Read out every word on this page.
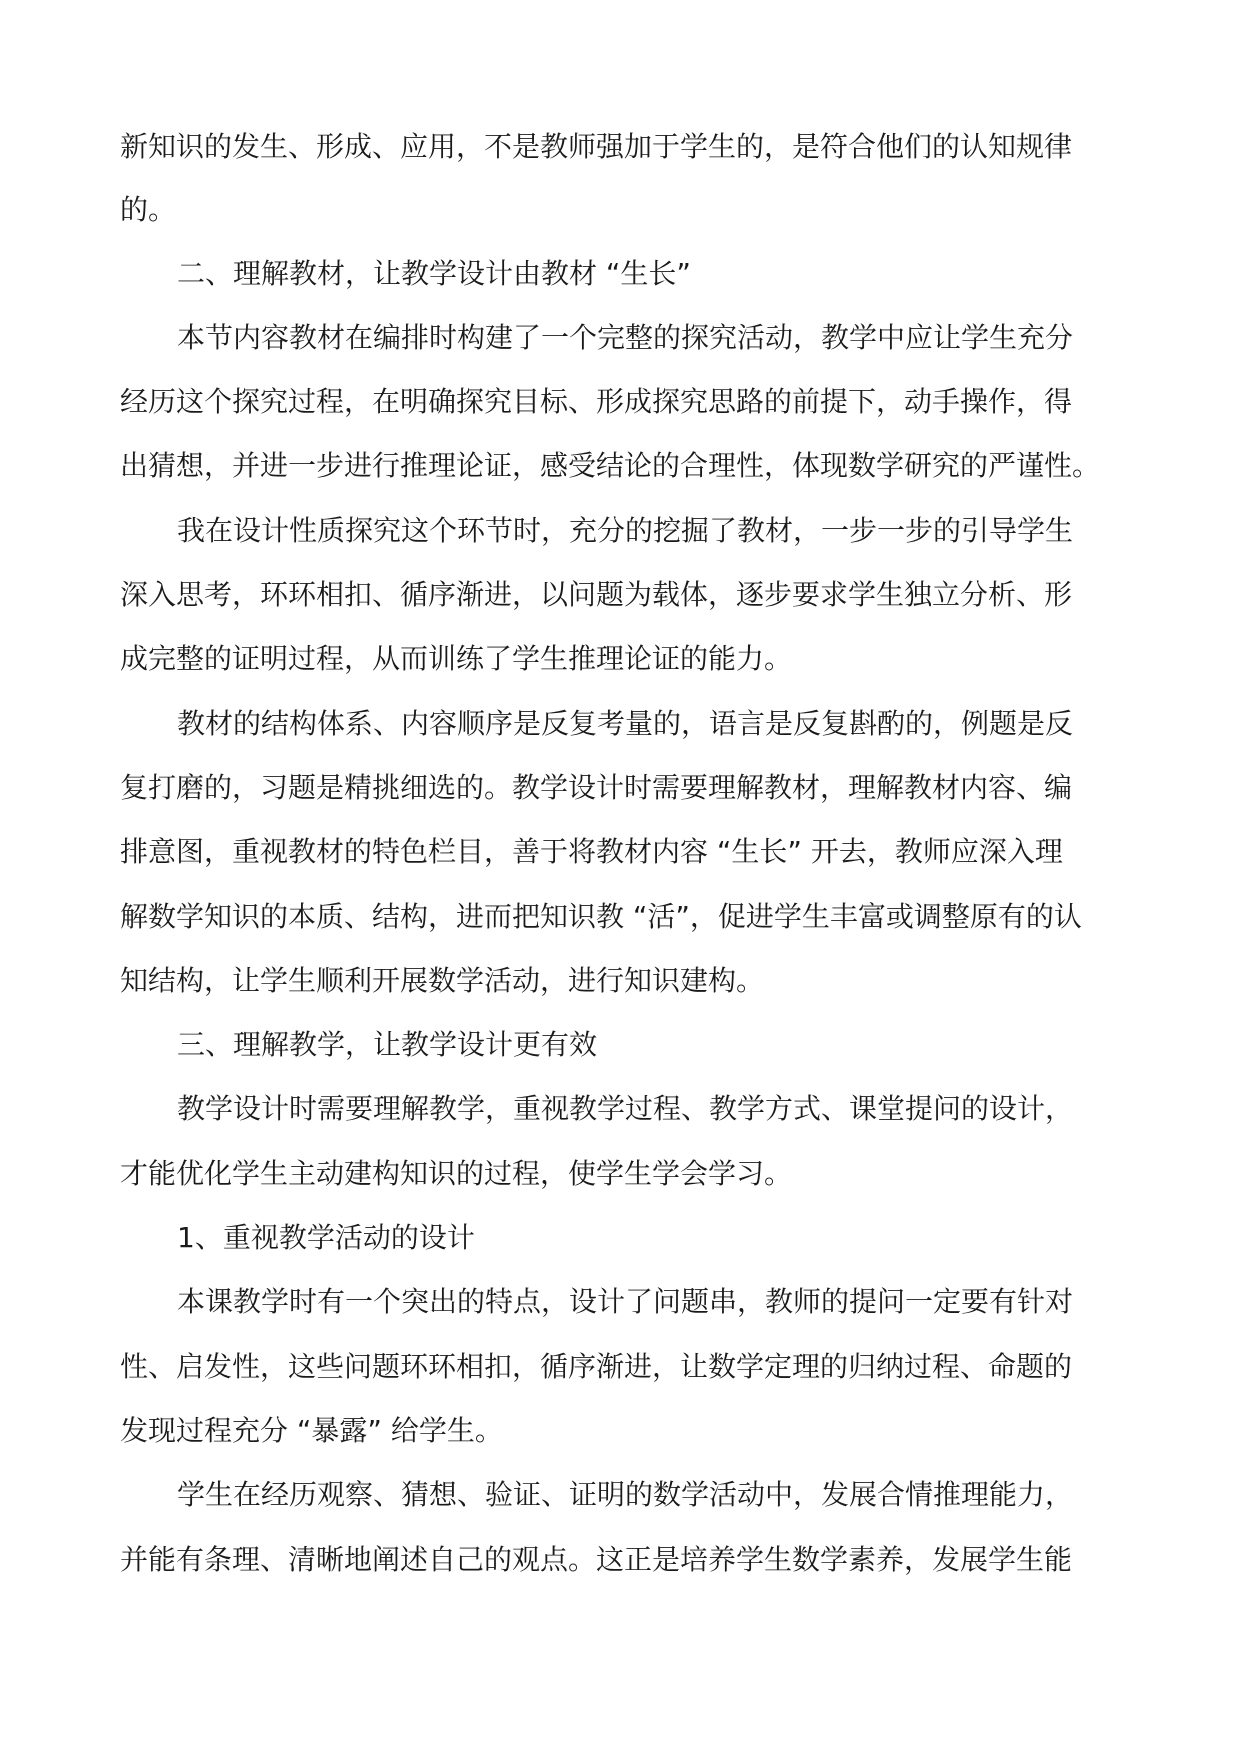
新知识的发生、形成、应用，不是教师强加于学生的，是符合他们的认知规律

的。

二、理解教材，让教学设计由教材 “生长”

本节内容教材在编排时构建了一个完整的探究活动，教学中应让学生充分

经历这个探究过程，在明确探究目标、形成探究思路的前提下，动手操作，得

出猜想，并进一步进行推理论证，感受结论的合理性，体现数学研究的严谨性。

我在设计性质探究这个环节时，充分的挖掘了教材，一步一步的引导学生

深入思考，环环相扣、循序渐进，以问题为载体，逐步要求学生独立分析、形

成完整的证明过程，从而训练了学生推理论证的能力。

教材的结构体系、内容顺序是反复考量的，语言是反复斟酌的，例题是反

复打磨的，习题是精挑细选的。教学设计时需要理解教材，理解教材内容、编

排意图，重视教材的特色栏目，善于将教材内容 “生长” 开去，教师应深入理

解数学知识的本质、结构，进而把知识教 “活”，促进学生丰富或调整原有的认

知结构，让学生顺利开展数学活动，进行知识建构。

三、理解教学，让教学设计更有效

教学设计时需要理解教学，重视教学过程、教学方式、课堂提问的设计，

才能优化学生主动建构知识的过程，使学生学会学习。

1、重视教学活动的设计

本课教学时有一个突出的特点，设计了问题串，教师的提问一定要有针对

性、启发性，这些问题环环相扣，循序渐进，让数学定理的归纳过程、命题的

发现过程充分 “暴露” 给学生。

学生在经历观察、猜想、验证、证明的数学活动中，发展合情推理能力，

并能有条理、清晰地阐述自己的观点。这正是培养学生数学素养，发展学生能
